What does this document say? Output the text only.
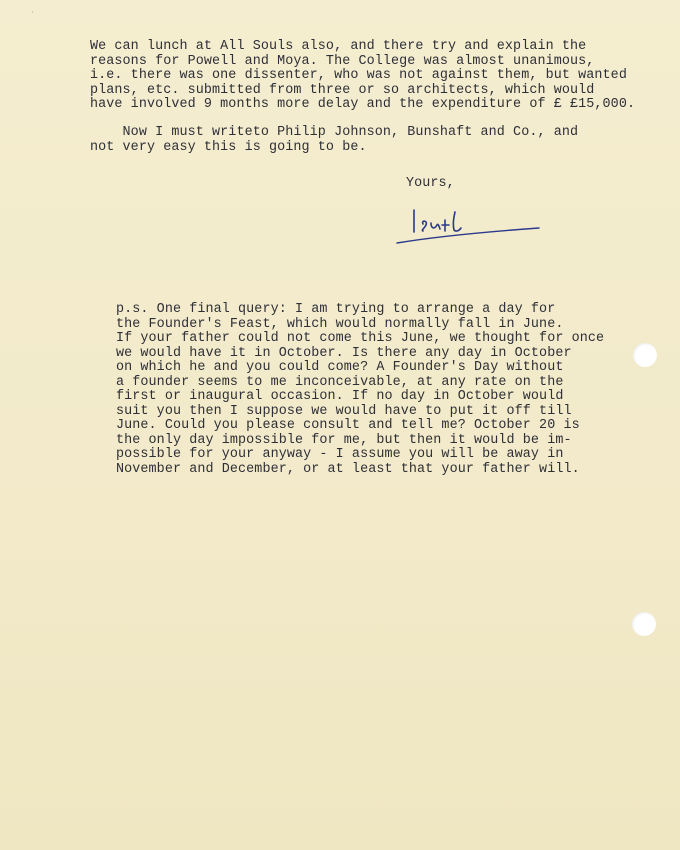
·
We can lunch at All Souls also, and there try and explain the
reasons for Powell and Moya. The College was almost unanimous,
i.e. there was one dissenter, who was not against them, but wanted
plans, etc. submitted from three or so architects, which would
have involved 9 months more delay and the expenditure of £ £15,000.
Now I must writeto Philip Johnson, Bunshaft and Co., and
not very easy this is going to be.
Yours,
p.s. One final query: I am trying to arrange a day for
the Founder's Feast, which would normally fall in June.
If your father could not come this June, we thought for once
we would have it in October. Is there any day in October
on which he and you could come? A Founder's Day without
a founder seems to me inconceivable, at any rate on the
first or inaugural occasion. If no day in October would
suit you then I suppose we would have to put it off till
June. Could you please consult and tell me? October 20 is
the only day impossible for me, but then it would be im-
possible for your anyway - I assume you will be away in
November and December, or at least that your father will.
